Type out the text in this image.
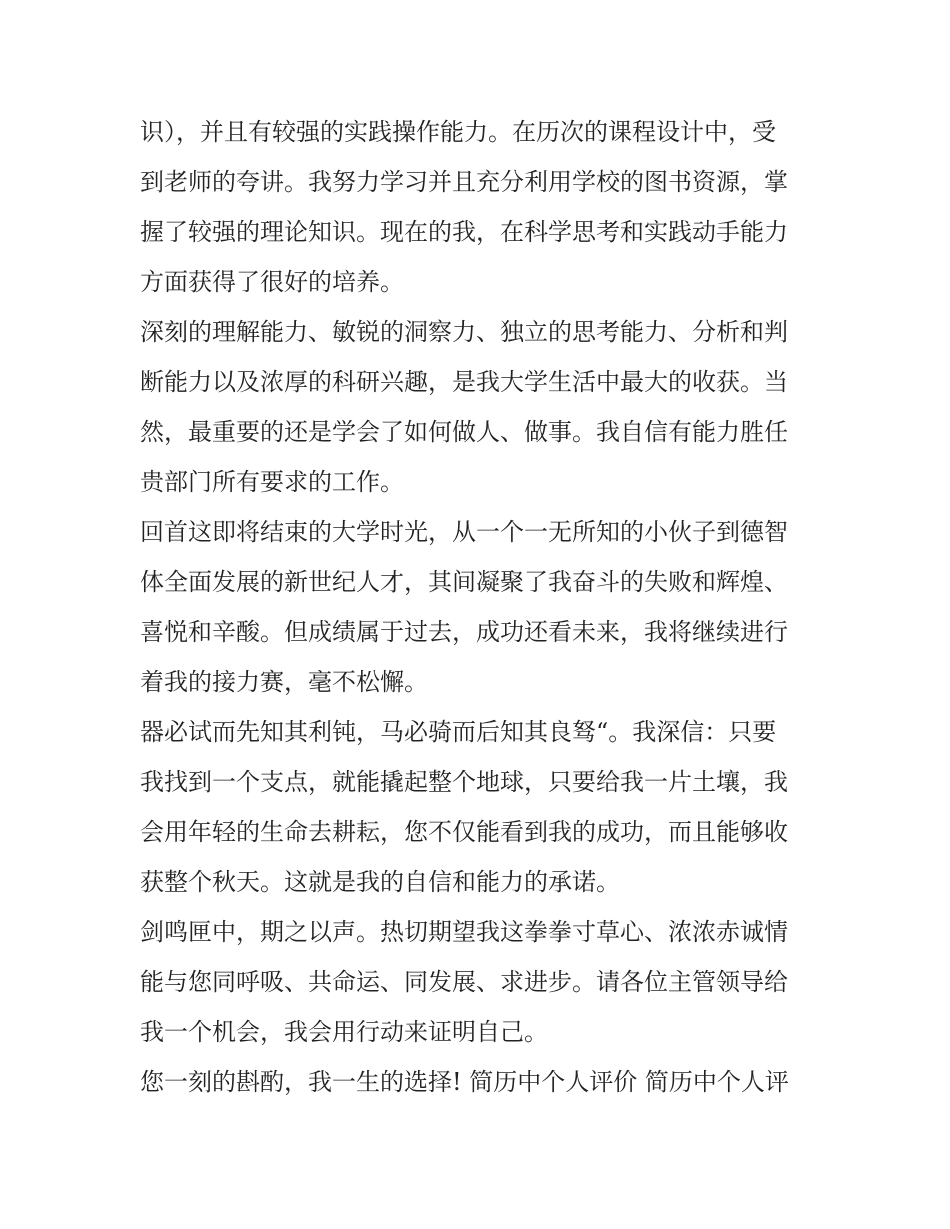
识），并且有较强的实践操作能力。在历次的课程设计中，受
到老师的夸讲。我努力学习并且充分利用学校的图书资源，掌
握了较强的理论知识。现在的我，在科学思考和实践动手能力
方面获得了很好的培养。
深刻的理解能力、敏锐的洞察力、独立的思考能力、分析和判
断能力以及浓厚的科研兴趣，是我大学生活中最大的收获。当
然，最重要的还是学会了如何做人、做事。我自信有能力胜任
贵部门所有要求的工作。
回首这即将结束的大学时光，从一个一无所知的小伙子到德智
体全面发展的新世纪人才，其间凝聚了我奋斗的失败和辉煌、
喜悦和辛酸。但成绩属于过去，成功还看未来，我将继续进行
着我的接力赛，毫不松懈。
器必试而先知其利钝，马必骑而后知其良驽“。我深信：只要
我找到一个支点，就能撬起整个地球，只要给我一片土壤，我
会用年轻的生命去耕耘，您不仅能看到我的成功，而且能够收
获整个秋天。这就是我的自信和能力的承诺。
剑鸣匣中，期之以声。热切期望我这拳拳寸草心、浓浓赤诚情
能与您同呼吸、共命运、同发展、求进步。请各位主管领导给
我一个机会，我会用行动来证明自己。
您一刻的斟酌，我一生的选择! 简历中个人评价 简历中个人评
